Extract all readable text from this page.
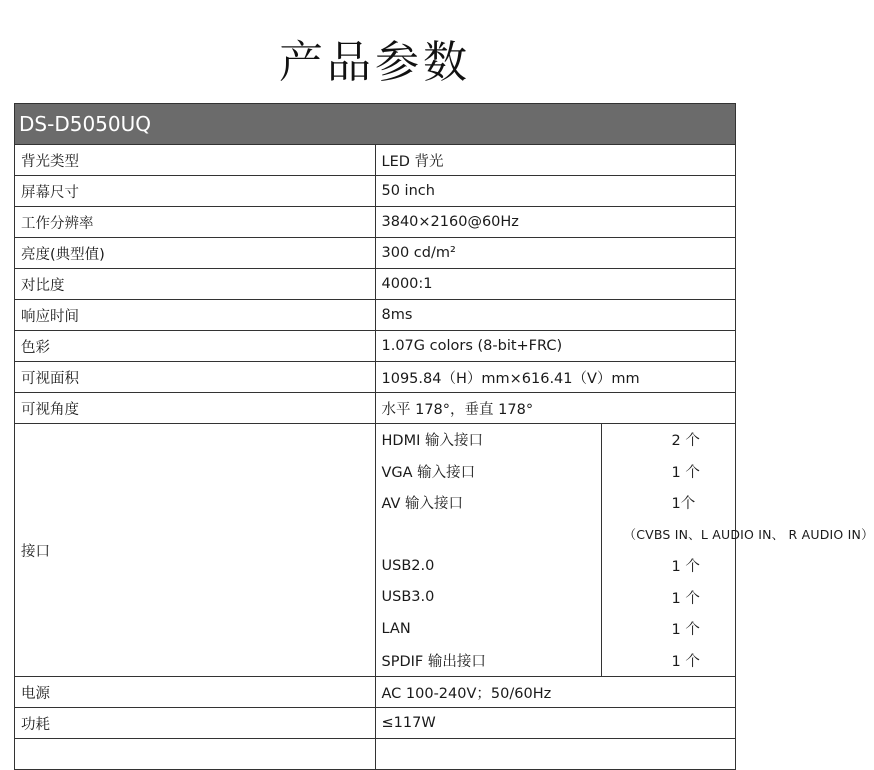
产品参数
DS-D5050UQ
背光类型	LED 背光
屏幕尺寸	50 inch
工作分辨率	3840×2160@60Hz
亮度(典型值)	300 cd/m²
对比度	4000:1
响应时间	8ms
色彩	1.07G colors (8-bit+FRC)
可视面积	1095.84（H）mm×616.41（V）mm
可视角度	水平 178°，垂直 178°
接口	
HDMI 输入接口	2 个
VGA 输入接口	1 个
AV 输入接口	1个
	（CVBS IN、L AUDIO IN、 R AUDIO IN）
USB2.0	1 个
USB3.0	1 个
LAN	1 个
SPDIF 输出接口	1 个

电源	AC 100-240V；50/60Hz
功耗	≤117W
